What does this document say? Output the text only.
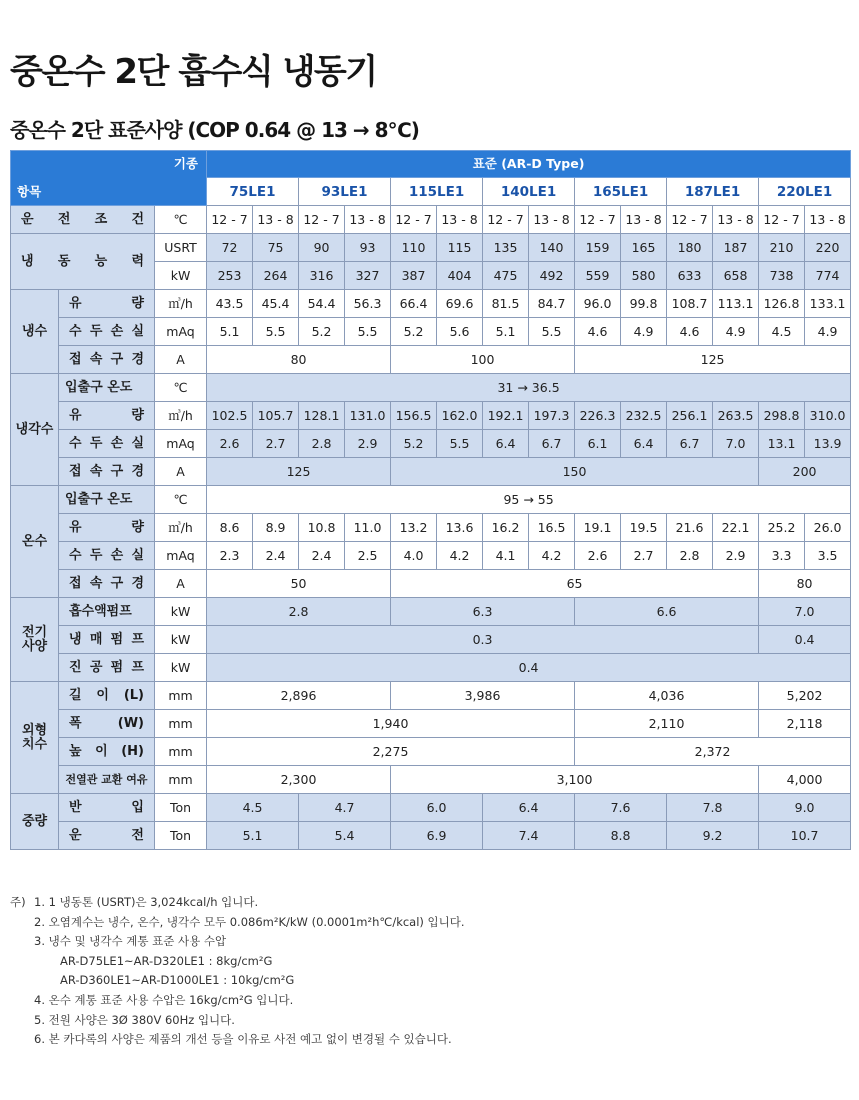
중온수 2단 흡수식 냉동기
중온수 2단 표준사양 (COP 0.64 @ 13 → 8℃)
기종
항목			표준 (AR-D Type)													
			75LE1		93LE1		115LE1		140LE1		165LE1		187LE1		220LE1	
운 전 조 건		℃	12 - 7	13 - 8	12 - 7	13 - 8	12 - 7	13 - 8	12 - 7	13 - 8	12 - 7	13 - 8	12 - 7	13 - 8	12 - 7	13 - 8
냉 동 능 력		USRT	72	75	90	93	110	115	135	140	159	165	180	187	210	220
		kW	253	264	316	327	387	404	475	492	559	580	633	658	738	774
냉수	유 량	㎥/h	43.5	45.4	54.4	56.3	66.4	69.6	81.5	84.7	96.0	99.8	108.7	113.1	126.8	133.1
	수 두 손 실	mAq	5.1	5.5	5.2	5.5	5.2	5.6	5.1	5.5	4.6	4.9	4.6	4.9	4.5	4.9
	접 속 구 경	A	80				100				125					
냉각수	입출구 온도	℃	31 → 36.5													
	유 량	㎥/h	102.5	105.7	128.1	131.0	156.5	162.0	192.1	197.3	226.3	232.5	256.1	263.5	298.8	310.0
	수 두 손 실	mAq	2.6	2.7	2.8	2.9	5.2	5.5	6.4	6.7	6.1	6.4	6.7	7.0	13.1	13.9
	접 속 구 경	A	125				150								200	
온수	입출구 온도	℃	95 → 55													
	유 량	㎥/h	8.6	8.9	10.8	11.0	13.2	13.6	16.2	16.5	19.1	19.5	21.6	22.1	25.2	26.0
	수 두 손 실	mAq	2.3	2.4	2.4	2.5	4.0	4.2	4.1	4.2	2.6	2.7	2.8	2.9	3.3	3.5
	접 속 구 경	A	50				65								80	
전기 사양	흡수액펌프	kW	2.8				6.3				6.6				7.0	
	냉 매 펌 프	kW	0.3												0.4	
	진 공 펌 프	kW	0.4													
외형 치수	길 이 (L)	mm	2,896				3,986				4,036				5,202	
	폭 (W)	mm	1,940								2,110				2,118	
	높 이 (H)	mm	2,275								2,372					
	전열관 교환 여유	mm	2,300				3,100								4,000	
중량	반 입	Ton	4.5		4.7		6.0		6.4		7.6		7.8		9.0	
	운 전	Ton	5.1		5.4		6.9		7.4		8.8		9.2		10.7	
주) 1. 1 냉동톤 (USRT)은 3,024kcal/h 입니다.
2. 오염계수는 냉수, 온수, 냉각수 모두 0.086m²K/kW (0.0001m²h℃/kcal) 입니다.
3. 냉수 및 냉각수 계통 표준 사용 수압
AR-D75LE1~AR-D320LE1 : 8kg/cm²G
AR-D360LE1~AR-D1000LE1 : 10kg/cm²G
4. 온수 계통 표준 사용 수압은 16kg/cm²G 입니다.
5. 전원 사양은 3Ø 380V 60Hz 입니다.
6. 본 카다록의 사양은 제품의 개선 등을 이유로 사전 예고 없이 변경될 수 있습니다.
